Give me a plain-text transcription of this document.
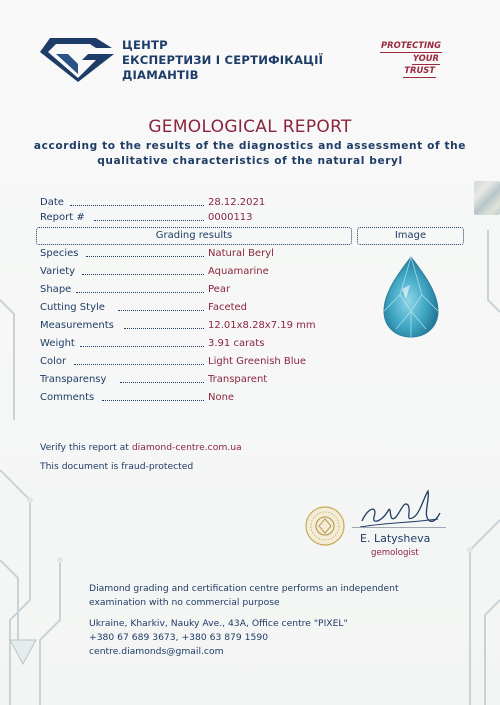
ЦЕНТР
ЕКСПЕРТИЗИ І СЕРТИФІКАЦІЇ
ДІАМАНТІВ
PROTECTING
YOUR
TRUST
GEMOLOGICAL REPORT
according to the results of the diagnostics and assessment of the
qualitative characteristics of the natural beryl
Date	28.12.2021
Report #	0000113
Grading results	Image
Species	Natural Beryl
Variety	Aquamarine
Shape	Pear
Cutting Style	Faceted
Measurements	12.01x8.28x7.19 mm
Weight	3.91 carats
Color	Light Greenish Blue
Transparensy	Transparent
Comments	None
Verify this report at diamond-centre.com.ua
This document is fraud-protected
E. Latysheva
gemologist
Diamond grading and certification centre performs an independent
examination with no commercial purpose
Ukraine, Kharkiv, Nauky Ave., 43A, Office centre "PIXEL"
+380 67 689 3673, +380 63 879 1590
centre.diamonds@gmail.com
